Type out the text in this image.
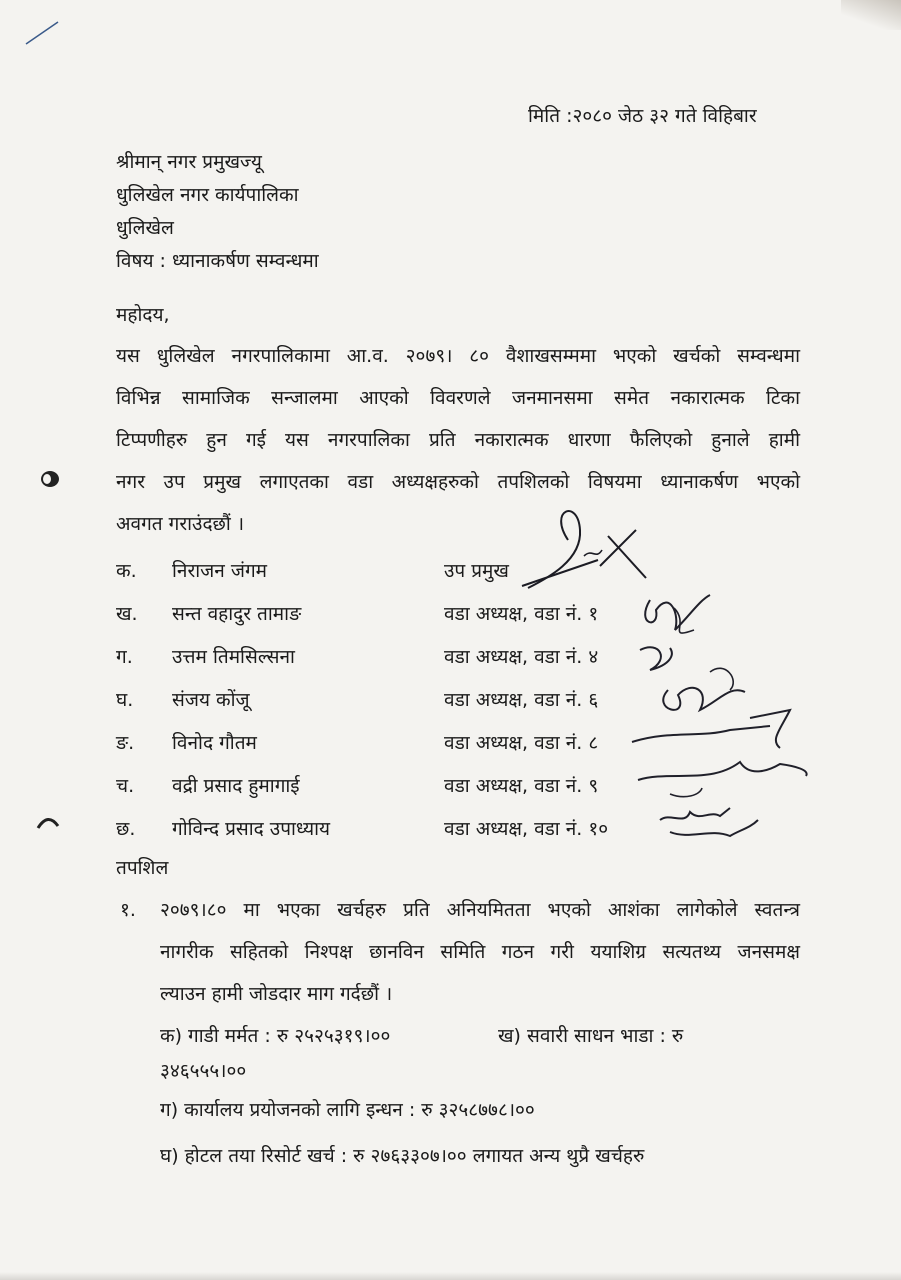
मिति :२०८० जेठ ३२ गते विहिबार
श्रीमान् नगर प्रमुखज्यू
धुलिखेल नगर कार्यपालिका
धुलिखेल
विषय : ध्यानाकर्षण सम्वन्धमा
महोदय,
यस धुलिखेल नगरपालिकामा आ.व. २०७९। ८० वैशाखसम्ममा भएको खर्चको सम्वन्धमा
विभिन्न सामाजिक सन्जालमा आएको विवरणले जनमानसमा समेत नकारात्मक टिका
टिप्पणीहरु हुन गई यस नगरपालिका प्रति नकारात्मक धारणा फैलिएको हुनाले हामी
नगर उप प्रमुख लगाएतका वडा अध्यक्षहरुको तपशिलको विषयमा ध्यानाकर्षण भएको
अवगत गराउंदछौं ।
क. निराजन जंगम	उप प्रमुख
ख. सन्त वहादुर तामाङ	वडा अध्यक्ष, वडा नं. १
ग. उत्तम तिमसिल्सना	वडा अध्यक्ष, वडा नं. ४
घ. संजय कोंजू	वडा अध्यक्ष, वडा नं. ६
ङ. विनोद गौतम	वडा अध्यक्ष, वडा नं. ८
च. वद्री प्रसाद हुमागाई	वडा अध्यक्ष, वडा नं. ९
छ. गोविन्द प्रसाद उपाध्याय	वडा अध्यक्ष, वडा नं. १०
तपशिल
१. २०७९।८० मा भएका खर्चहरु प्रति अनियमितता भएको आशंका लागेकोले स्वतन्त्र
नागरीक सहितको निश्पक्ष छानविन समिति गठन गरी ययाशिग्र सत्यतथ्य जनसमक्ष
ल्याउन हामी जोडदार माग गर्दछौं ।
क) गाडी मर्मत : रु २५२५३१९।००	ख) सवारी साधन भाडा : रु
३४६५५५।००
ग) कार्यालय प्रयोजनको लागि इन्धन : रु ३२५८७७८।००
घ) होटल तया रिसोर्ट खर्च : रु २७६३३०७।०० लगायत अन्य थुप्रै खर्चहरु
